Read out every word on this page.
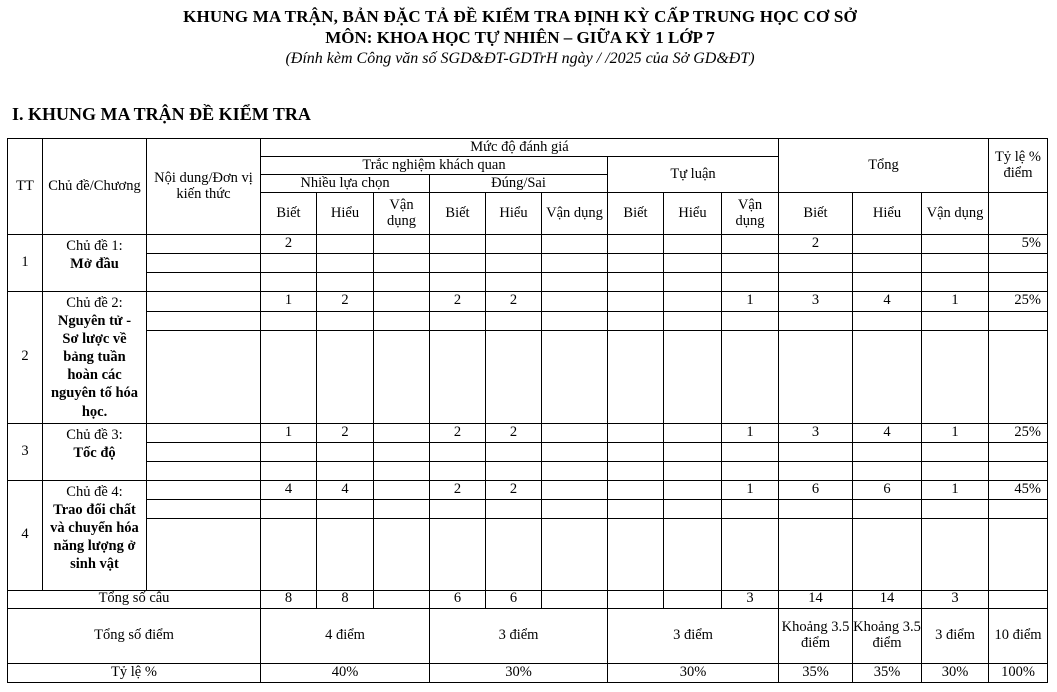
KHUNG MA TRẬN, BẢN ĐẶC TẢ ĐỀ KIỂM TRA ĐỊNH KỲ CẤP TRUNG HỌC CƠ SỞ
MÔN: KHOA HỌC TỰ NHIÊN – GIỮA KỲ 1 LỚP 7
(Đính kèm Công văn số SGD&ĐT-GDTrH ngày / /2025 của Sở GD&ĐT)
I. KHUNG MA TRẬN ĐỀ KIỂM TRA
TT	Chủ đề/Chương	Nội dung/Đơn vị kiến thức	Mức độ đánh giá									Tổng			Tỷ lệ % điểm
			Trắc nghiệm khách quan						Tự luận						
			Nhiều lựa chọn			Đúng/Sai									
			Biết	Hiểu	Vận dụng	Biết	Hiểu	Vận dụng	Biết	Hiểu	Vận dụng	Biết	Hiểu	Vận dụng	
1	Chủ đề 1:
Mở đầu		2									2			5%

2	Chủ đề 2:
Nguyên tử - Sơ lược về bảng tuần hoàn các nguyên tố hóa học.		1	2		2	2				1	3	4	1	25%

3	Chủ đề 3:
Tốc độ		1	2		2	2				1	3	4	1	25%

4	Chủ đề 4:
Trao đổi chất và chuyển hóa năng lượng ở sinh vật		4	4		2	2				1	6	6	1	45%

Tổng số câu			8	8		6	6				3	14	14	3	
Tổng số điểm			4 điểm			3 điểm			3 điểm			Khoảng 3.5 điểm	Khoảng 3.5 điểm	3 điểm	10 điểm
Tỷ lệ %			40%			30%			30%			35%	35%	30%	100%
